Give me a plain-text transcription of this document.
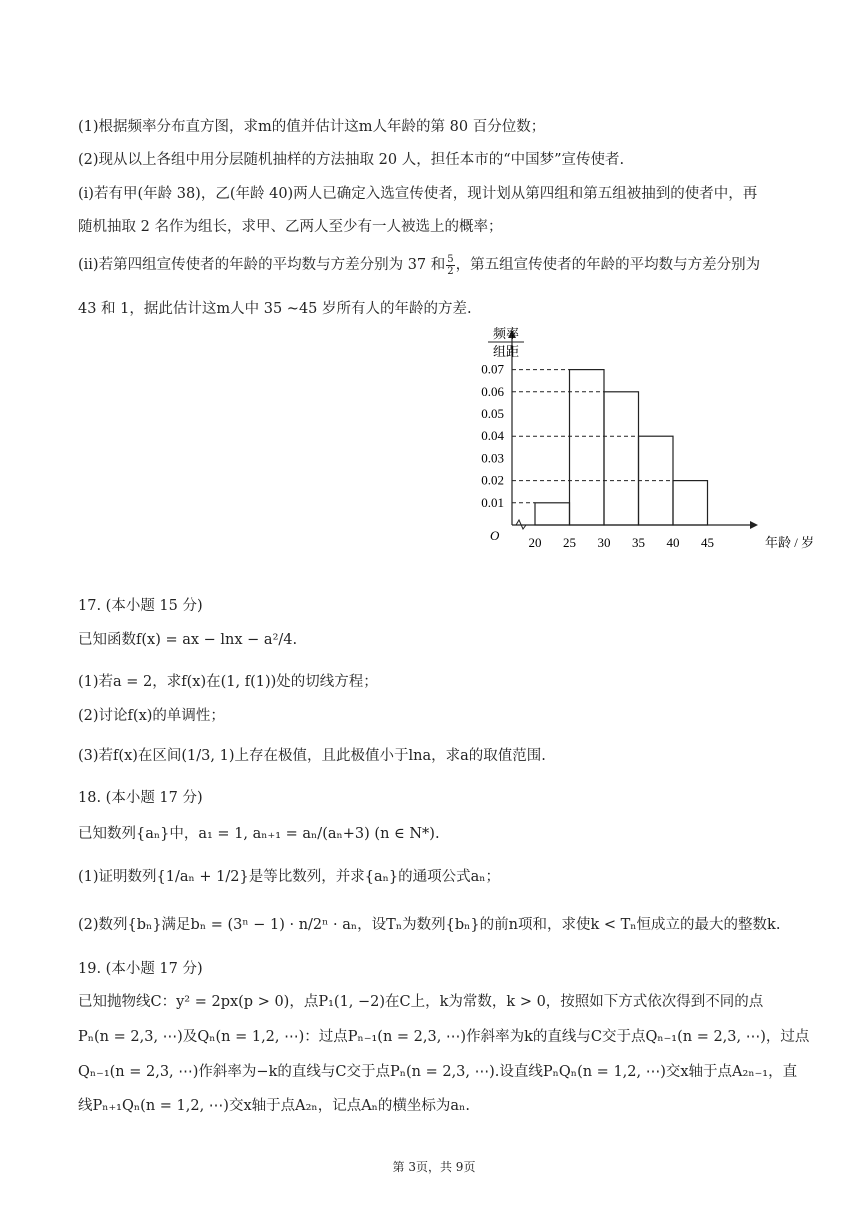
(1)根据频率分布直方图，求m的值并估计这m人年龄的第 80 百分位数；
(2)现从以上各组中用分层随机抽样的方法抽取 20 人，担任本市的“中国梦”宣传使者.
(i)若有甲(年龄 38)，乙(年龄 40)两人已确定入选宣传使者，现计划从第四组和第五组被抽到的使者中，再
随机抽取 2 名作为组长，求甲、乙两人至少有一人被选上的概率；
(ii)若第四组宣传使者的年龄的平均数与方差分别为 37 和 $\frac{5}{2}$ ，第五组宣传使者的年龄的平均数与方差分别为
43 和 1，据此估计这m人中 35 ~45 岁所有人的年龄的方差.
频率
组距
O
0.01
0.02
0.03
0.04
0.05
0.06
0.07
20 25 30 35 40 45	年龄 / 岁
17. (本小题 15 分)
已知函数f(x) = ax − lnx − a²/4.
(1)若a = 2，求f(x)在(1, f(1))处的切线方程；
(2)讨论f(x)的单调性；
(3)若f(x)在区间(1/3, 1)上存在极值，且此极值小于lna，求a的取值范围.
18. (本小题 17 分)
已知数列{aₙ}中，a₁ = 1, aₙ₊₁ = aₙ/(aₙ+3) (n ∈ N*).
(1)证明数列{1/aₙ + 1/2}是等比数列，并求{aₙ}的通项公式aₙ；
(2)数列{bₙ}满足bₙ = (3ⁿ − 1) · n/2ⁿ · aₙ，设Tₙ为数列{bₙ}的前n项和，求使k < Tₙ恒成立的最大的整数k.
19. (本小题 17 分)
已知抛物线C：y² = 2px(p > 0)，点P₁(1, −2)在C上，k为常数，k > 0，按照如下方式依次得到不同的点
Pₙ(n = 2,3, ⋯)及Qₙ(n = 1,2, ⋯)：过点Pₙ₋₁(n = 2,3, ⋯)作斜率为k的直线与C交于点Qₙ₋₁(n = 2,3, ⋯)，过点
Qₙ₋₁(n = 2,3, ⋯)作斜率为−k的直线与C交于点Pₙ(n = 2,3, ⋯).设直线PₙQₙ(n = 1,2, ⋯)交x轴于点A₂ₙ₋₁，直
线Pₙ₊₁Qₙ(n = 1,2, ⋯)交x轴于点A₂ₙ，记点Aₙ的横坐标为aₙ.
第 3页，共 9页
